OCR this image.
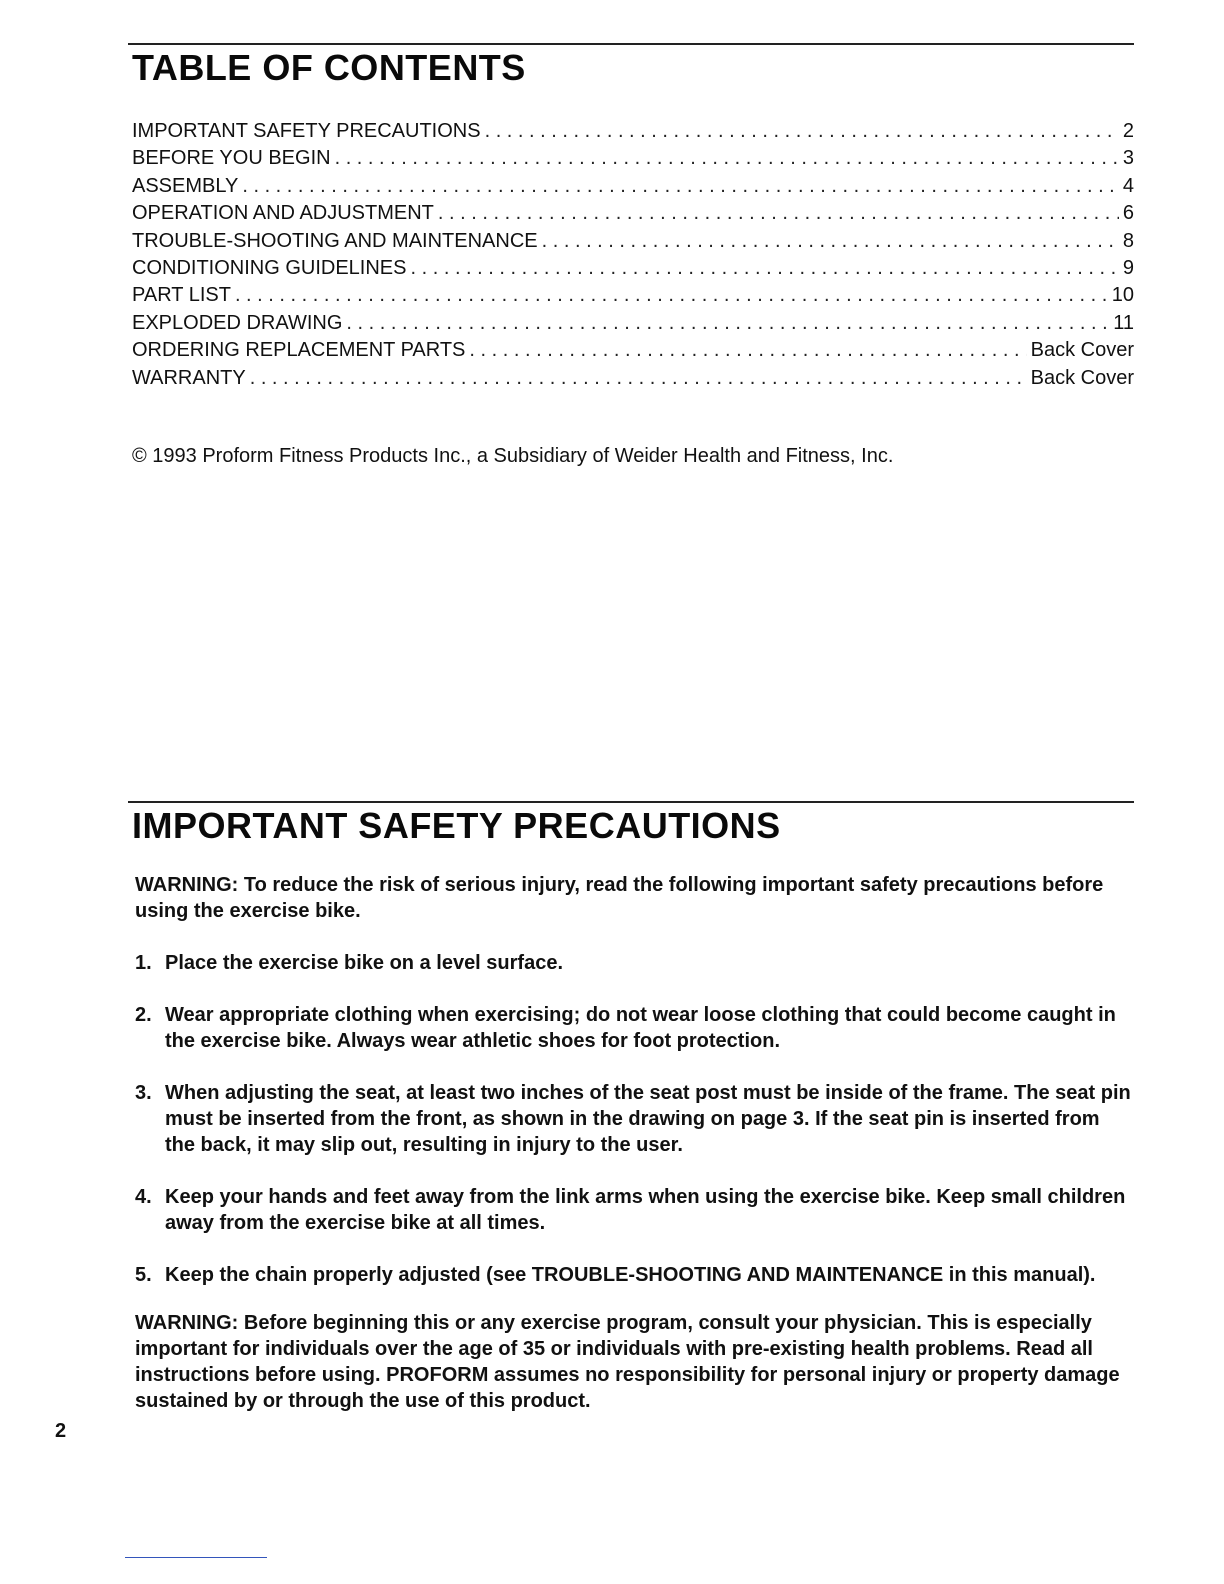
TABLE OF CONTENTS
IMPORTANT SAFETY PRECAUTIONS . . .	2
BEFORE YOU BEGIN . . .	3
ASSEMBLY . . .	4
OPERATION AND ADJUSTMENT . . .	6
TROUBLE-SHOOTING AND MAINTENANCE . . .	8
CONDITIONING GUIDELINES . . .	9
PART LIST . . .	10
EXPLODED DRAWING . . .	11
ORDERING REPLACEMENT PARTS . . .	Back Cover
WARRANTY . . .	Back Cover

© 1993 Proform Fitness Products Inc., a Subsidiary of Weider Health and Fitness, Inc.

IMPORTANT SAFETY PRECAUTIONS

WARNING: To reduce the risk of serious injury, read the following important safety precautions before using the exercise bike.

1. Place the exercise bike on a level surface.
2. Wear appropriate clothing when exercising; do not wear loose clothing that could become caught in the exercise bike. Always wear athletic shoes for foot protection.
3. When adjusting the seat, at least two inches of the seat post must be inside of the frame. The seat pin must be inserted from the front, as shown in the drawing on page 3. If the seat pin is inserted from the back, it may slip out, resulting in injury to the user.
4. Keep your hands and feet away from the link arms when using the exercise bike. Keep small children away from the exercise bike at all times.
5. Keep the chain properly adjusted (see TROUBLE-SHOOTING AND MAINTENANCE in this manual).

WARNING: Before beginning this or any exercise program, consult your physician. This is especially important for individuals over the age of 35 or individuals with pre-existing health problems. Read all instructions before using. PROFORM assumes no responsibility for personal injury or property damage sustained by or through the use of this product.

2
